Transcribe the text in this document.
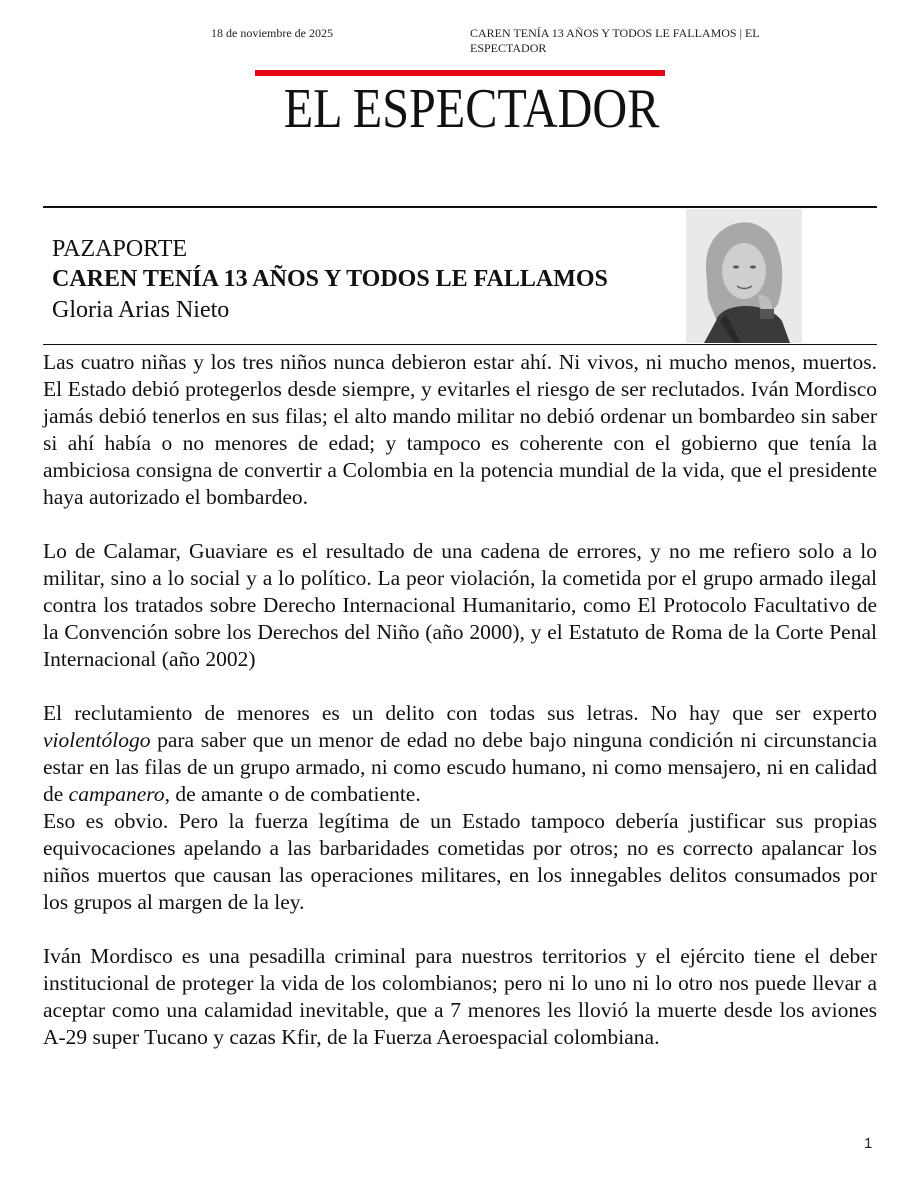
18 de noviembre de 2025	CAREN TENÍA 13 AÑOS Y TODOS LE FALLAMOS | EL ESPECTADOR
EL ESPECTADOR
PAZAPORTE
CAREN TENÍA 13 AÑOS Y TODOS LE FALLAMOS
Gloria Arias Nieto

Las cuatro niñas y los tres niños nunca debieron estar ahí. Ni vivos, ni mucho menos, muertos. El Estado debió protegerlos desde siempre, y evitarles el riesgo de ser reclutados. Iván Mordisco jamás debió tenerlos en sus filas; el alto mando militar no debió ordenar un bombardeo sin saber si ahí había o no menores de edad; y tampoco es coherente con el gobierno que tenía la ambiciosa consigna de convertir a Colombia en la potencia mundial de la vida, que el presidente haya autorizado el bombardeo.

Lo de Calamar, Guaviare es el resultado de una cadena de errores, y no me refiero solo a lo militar, sino a lo social y a lo político. La peor violación, la cometida por el grupo armado ilegal contra los tratados sobre Derecho Internacional Humanitario, como El Protocolo Facultativo de la Convención sobre los Derechos del Niño (año 2000), y el Estatuto de Roma de la Corte Penal Internacional (año 2002)

El reclutamiento de menores es un delito con todas sus letras. No hay que ser experto violentólogo para saber que un menor de edad no debe bajo ninguna condición ni circunstancia estar en las filas de un grupo armado, ni como escudo humano, ni como mensajero, ni en calidad de campanero, de amante o de combatiente.

Eso es obvio. Pero la fuerza legítima de un Estado tampoco debería justificar sus propias equivocaciones apelando a las barbaridades cometidas por otros; no es correcto apalancar los niños muertos que causan las operaciones militares, en los innegables delitos consumados por los grupos al margen de la ley.

Iván Mordisco es una pesadilla criminal para nuestros territorios y el ejército tiene el deber institucional de proteger la vida de los colombianos; pero ni lo uno ni lo otro nos puede llevar a aceptar como una calamidad inevitable, que a 7 menores les llovió la muerte desde los aviones A-29 super Tucano y cazas Kfir, de la Fuerza Aeroespacial colombiana.

1
